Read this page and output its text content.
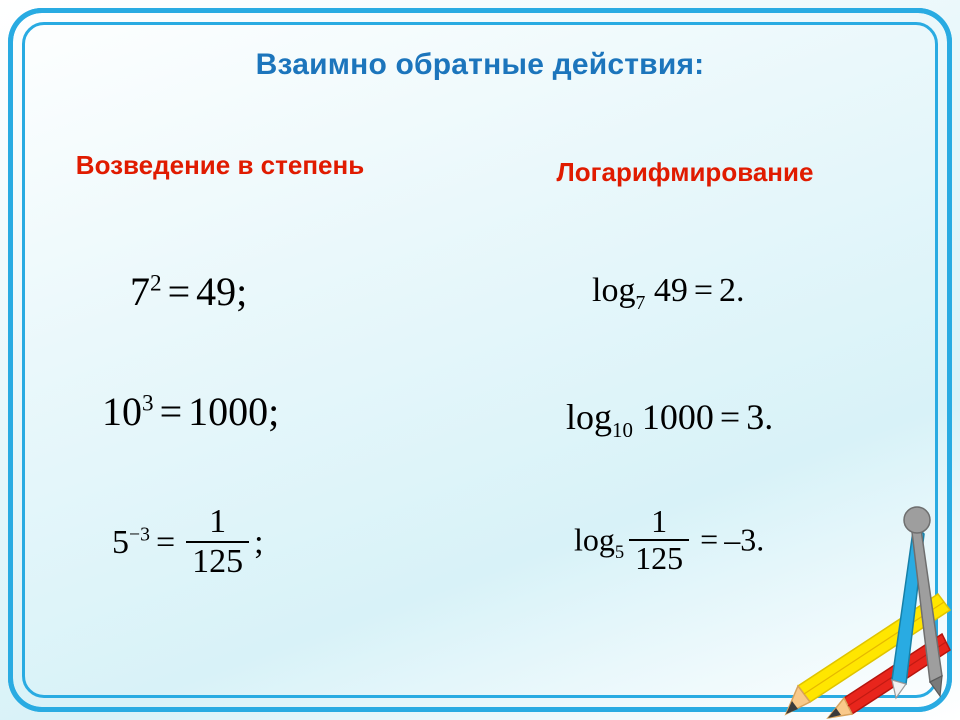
Взаимно обратные действия:
Возведение в степень	Логарифмирование
$7^2 = 49$;
$10^3 = 1000$;
$5^{-3} = \frac{1}{125}$ ;
$\log_7 49 = 2$.
$\log_{10} 1000 = 3$.
$\log_5 \frac{1}{125} = -3$.
